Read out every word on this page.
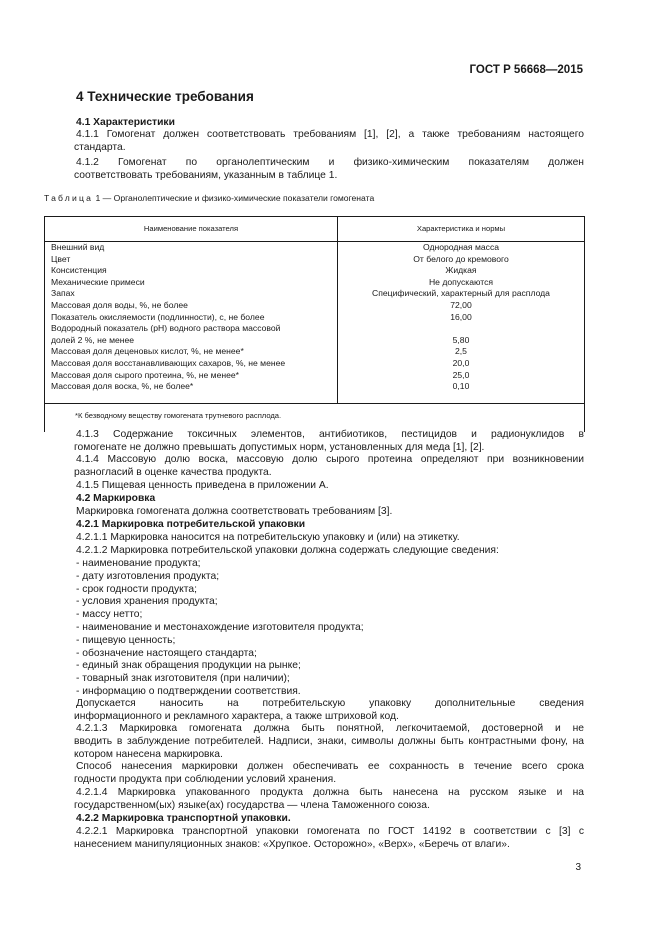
ГОСТ Р 56668—2015
4 Технические требования
4.1 Характеристики

4.1.1 Гомогенат должен соответствовать требованиям [1], [2], а также требованиям настоящего

стандарта.

4.1.2 Гомогенат по органолептическим и физико-химическим показателям должен

соответствовать требованиям, указанным в таблице 1.

Таблица 1 — Органолептические и физико-химические показатели гомогената
Наименование показателя	Характеристика и нормы
Внешний вид	Однородная масса
Цвет	От белого до кремового
Консистенция	Жидкая
Механические примеси	Не допускаются
Запах	Специфический, характерный для расплода
Массовая доля воды, %, не более	72,00
Показатель окисляемости (подлинности), с, не более	16,00
Водородный показатель (pH) водного раствора массовой	
долей 2 %, не менее	5,80
Массовая доля деценовых кислот, %, не менее*	2,5
Массовая доля восстанавливающих сахаров, %, не менее	20,0
Массовая доля сырого протеина, %, не менее*	25,0
Массовая доля воска, %, не более*	0,10
*К безводному веществу гомогената трутневого расплода.	

4.1.3 Содержание токсичных элементов, антибиотиков, пестицидов и радионуклидов в

гомогенате не должно превышать допустимых норм, установленных для меда [1], [2].

4.1.4 Массовую долю воска, массовую долю сырого протеина определяют при возникновении

разногласий в оценке качества продукта.

4.1.5 Пищевая ценность приведена в приложении А.
4.2 Маркировка
Маркировка гомогената должна соответствовать требованиям [3].
4.2.1 Маркировка потребительской упаковки
4.2.1.1 Маркировка наносится на потребительскую упаковку и (или) на этикетку.
4.2.1.2 Маркировка потребительской упаковки должна содержать следующие сведения:

- наименование продукта;

- дату изготовления продукта;

- срок годности продукта;

- условия хранения продукта;

- массу нетто;

- наименование и местонахождение изготовителя продукта;

- пищевую ценность;

- обозначение настоящего стандарта;

- единый знак обращения продукции на рынке;

- товарный знак изготовителя (при наличии);

- информацию о подтверждении соответствия.

Допускается наносить на потребительскую упаковку дополнительные сведения

информационного и рекламного характера, а также штриховой код.

4.2.1.3 Маркировка гомогената должна быть понятной, легкочитаемой, достоверной и не

вводить в заблуждение потребителей. Надписи, знаки, символы должны быть контрастными фону, на

котором нанесена маркировка.

Способ нанесения маркировки должен обеспечивать ее сохранность в течение всего срока

годности продукта при соблюдении условий хранения.

4.2.1.4 Маркировка упакованного продукта должна быть нанесена на русском языке и на

государственном(ых) языке(ах) государства — члена Таможенного союза.

4.2.2 Маркировка транспортной упаковки.

4.2.2.1 Маркировка транспортной упаковки гомогената по ГОСТ 14192 в соответствии с [3] с

нанесением манипуляционных знаков: «Хрупкое. Осторожно», «Верх», «Беречь от влаги».

3
